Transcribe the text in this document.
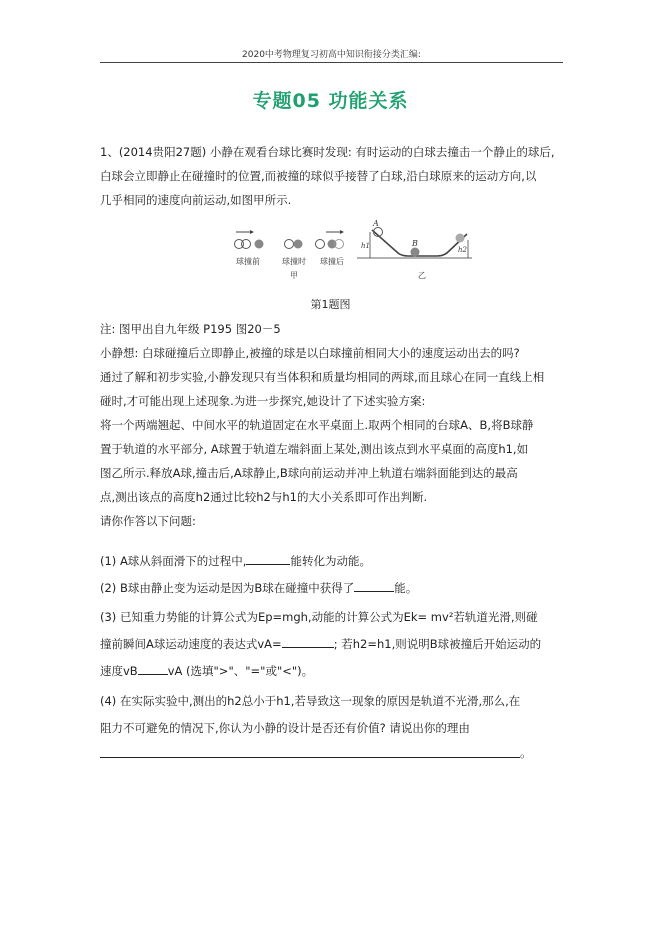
2020中考物理复习初高中知识衔接分类汇编:
专题05 功能关系
1、(2014贵阳27题) 小静在观看台球比赛时发现: 有时运动的白球去撞击一个静止的球后,
白球会立即静止在碰撞时的位置,而被撞的球似乎接替了白球,沿白球原来的运动方向,以
几乎相同的速度向前运动,如图甲所示.
球撞前	球撞时
甲
球撞后
A
B
h1	h2
乙
第1题图
注: 图甲出自九年级 P195 图20－5
小静想: 白球碰撞后立即静止,被撞的球是以白球撞前相同大小的速度运动出去的吗?
通过了解和初步实验,小静发现只有当体积和质量均相同的两球,而且球心在同一直线上相
碰时,才可能出现上述现象.为进一步探究,她设计了下述实验方案:
将一个两端翘起、中间水平的轨道固定在水平桌面上.取两个相同的台球A、B,将B球静
置于轨道的水平部分, A球置于轨道左端斜面上某处,测出该点到水平桌面的高度h1,如
图乙所示.释放A球,撞击后,A球静止,B球向前运动并冲上轨道右端斜面能到达的最高
点,测出该点的高度h2通过比较h2与h1的大小关系即可作出判断.
请你作答以下问题:
(1) A球从斜面滑下的过程中,	能转化为动能。
(2) B球由静止变为运动是因为B球在碰撞中获得了	能。
(3) 已知重力势能的计算公式为Ep=mgh,动能的计算公式为Ek= mv²若轨道光滑,则碰
撞前瞬间A球运动速度的表达式vA=	; 若h2=h1,则说明B球被撞后开始运动的
速度vB	vA (选填">"、"="或"<")。
(4) 在实际实验中,测出的h2总小于h1,若导致这一现象的原因是轨道不光滑,那么,在
阻力不可避免的情况下,你认为小静的设计是否还有价值? 请说出你的理由
。
